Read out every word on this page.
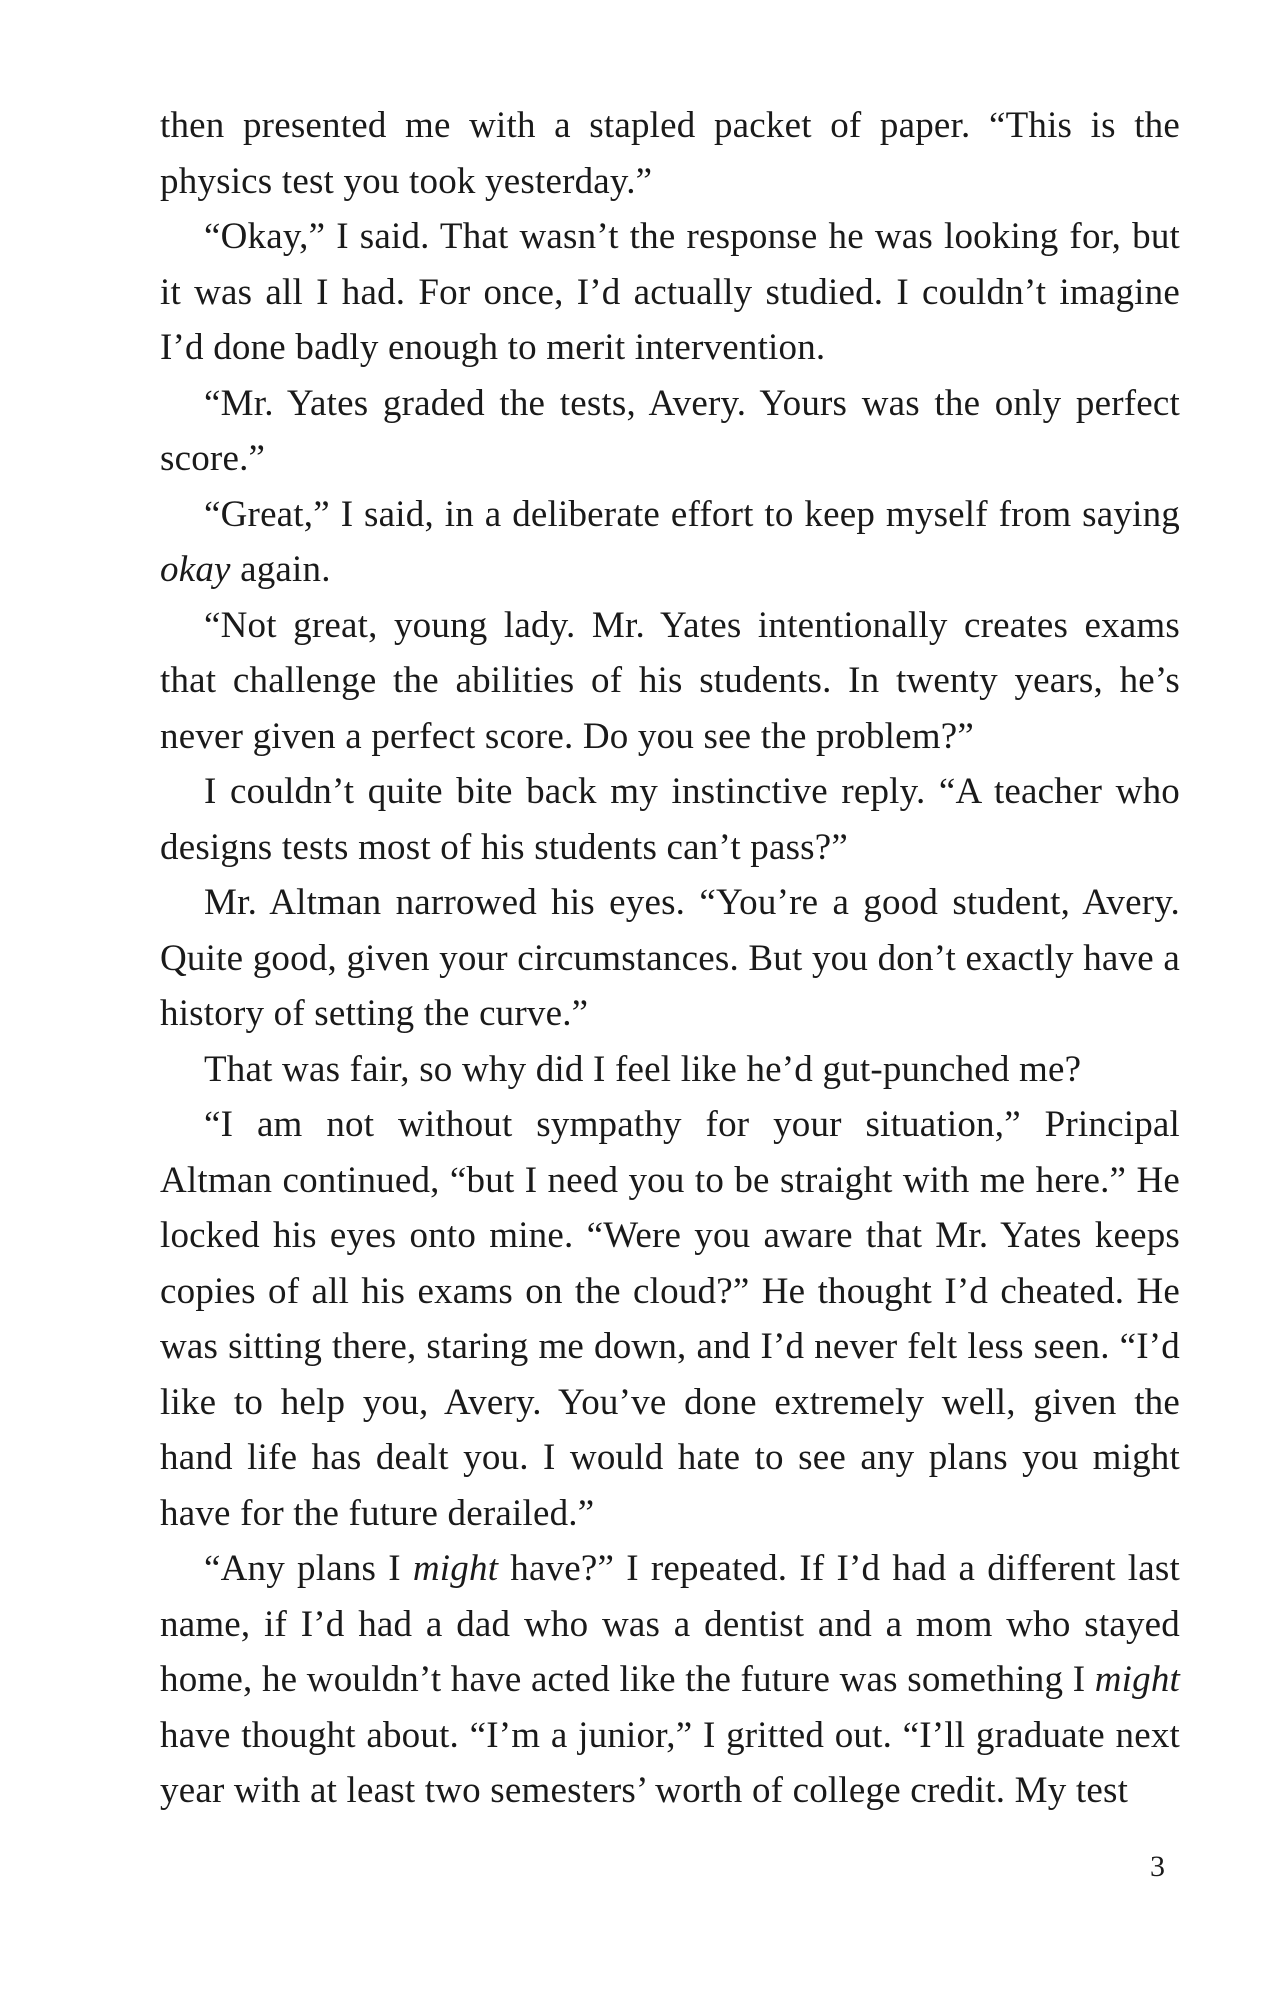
then presented me with a stapled packet of paper. “This is the physics test you took yesterday.”

“Okay,” I said. That wasn’t the response he was looking for, but it was all I had. For once, I’d actually studied. I couldn’t imagine I’d done badly enough to merit intervention.

“Mr. Yates graded the tests, Avery. Yours was the only perfect score.”

“Great,” I said, in a deliberate effort to keep myself from saying okay again.

“Not great, young lady. Mr. Yates intentionally creates exams that challenge the abilities of his students. In twenty years, he’s never given a perfect score. Do you see the problem?”

I couldn’t quite bite back my instinctive reply. “A teacher who designs tests most of his students can’t pass?”

Mr. Altman narrowed his eyes. “You’re a good student, Avery. Quite good, given your circumstances. But you don’t exactly have a history of setting the curve.”

That was fair, so why did I feel like he’d gut-punched me?

“I am not without sympathy for your situation,” Principal Altman continued, “but I need you to be straight with me here.” He locked his eyes onto mine. “Were you aware that Mr. Yates keeps copies of all his exams on the cloud?” He thought I’d cheated. He was sitting there, staring me down, and I’d never felt less seen. “I’d like to help you, Avery. You’ve done extremely well, given the hand life has dealt you. I would hate to see any plans you might have for the future derailed.”

“Any plans I might have?” I repeated. If I’d had a different last name, if I’d had a dad who was a dentist and a mom who stayed home, he wouldn’t have acted like the future was something I might have thought about. “I’m a junior,” I gritted out. “I’ll graduate next year with at least two semesters’ worth of college credit. My test

3
